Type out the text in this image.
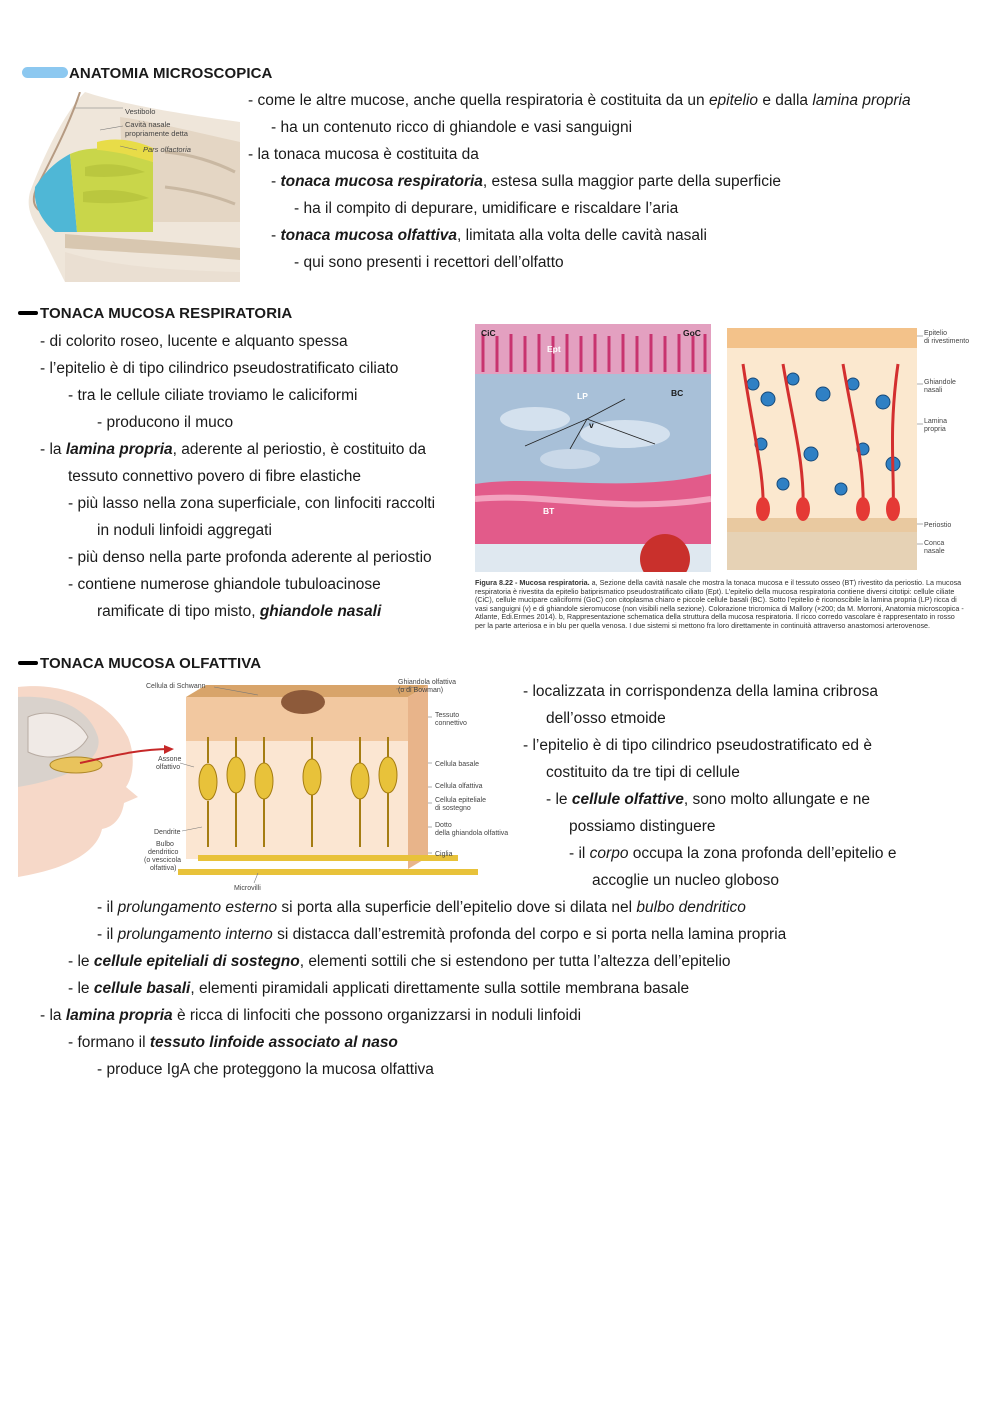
ANATOMIA MICROSCOPICA
Vestibolo
Cavità nasale
propriamente detta
Pars olfactoria
- come le altre mucose, anche quella respiratoria è costituita da un epitelio e dalla lamina propria
- ha un contenuto ricco di ghiandole e vasi sanguigni
- la tonaca mucosa è costituita da
- tonaca mucosa respiratoria, estesa sulla maggior parte della superficie
- ha il compito di depurare, umidificare e riscaldare l’aria
- tonaca mucosa olfattiva, limitata alla volta delle cavità nasali
- qui sono presenti i recettori dell’olfatto
TONACA MUCOSA RESPIRATORIA
- di colorito roseo, lucente e alquanto spessa
- l’epitelio è di tipo cilindrico pseudostratificato ciliato
- tra le cellule ciliate troviamo le caliciformi
- producono il muco
- la lamina propria, aderente al periostio, è costituito da
tessuto connettivo povero di fibre elastiche
- più lasso nella zona superficiale, con linfociti raccolti
in noduli linfoidi aggregati
- più denso nella parte profonda aderente al periostio
- contiene numerose ghiandole tubuloacinose
ramificate di tipo misto, ghiandole nasali
CiC
Ept
GoC
LP	BC
v
BT
Epitelio
di rivestimento
Ghiandole
nasali
Lamina
propria
Periostio
Conca
nasale
Figura 8.22 - Mucosa respiratoria. a, Sezione della cavità nasale che mostra la tonaca mucosa e il tessuto osseo (BT) rivestito da periostio. La mucosa respiratoria è rivestita da epitelio batiprismatico pseudostratificato ciliato (Ept). L’epitelio della mucosa respiratoria contiene diversi citotipi: cellule ciliate (CiC), cellule mucipare caliciformi (GoC) con citoplasma chiaro e piccole cellule basali (BC). Sotto l’epitelio è riconoscibile la lamina propria (LP) ricca di vasi sanguigni (v) e di ghiandole sieromucose (non visibili nella sezione). Colorazione tricromica di Mallory (×200; da M. Morroni, Anatomia microscopica - Atlante, Edi.Ermes 2014). b, Rappresentazione schematica della struttura della mucosa respiratoria. Il ricco corredo vascolare è rappresentato in rosso per la parte arteriosa e in blu per quella venosa. I due sistemi si mettono fra loro direttamente in continuità attraverso anastomosi arterovenose.
TONACA MUCOSA OLFATTIVA
Cellula di Schwann
Ghiandola olfattiva
(o di Bowman)
Assone
olfattivo
Dendrite
Bulbo
dendritico
(o vescicola
olfattiva)
Microvilli
Tessuto
connettivo
Cellula basale
Cellula olfattiva
Cellula epiteliale
di sostegno
Dotto
della ghiandola olfattiva
Ciglia
- localizzata in corrispondenza della lamina cribrosa
dell’osso etmoide
- l’epitelio è di tipo cilindrico pseudostratificato ed è
costituito da tre tipi di cellule
- le cellule olfattive, sono molto allungate e ne
possiamo distinguere
- il corpo occupa la zona profonda dell’epitelio e
accoglie un nucleo globoso
- il prolungamento esterno si porta alla superficie dell’epitelio dove si dilata nel bulbo dendritico
- il prolungamento interno si distacca dall’estremità profonda del corpo e si porta nella lamina propria
- le cellule epiteliali di sostegno, elementi sottili che si estendono per tutta l’altezza dell’epitelio
- le cellule basali, elementi piramidali applicati direttamente sulla sottile membrana basale
- la lamina propria è ricca di linfociti che possono organizzarsi in noduli linfoidi
- formano il tessuto linfoide associato al naso
- produce IgA che proteggono la mucosa olfattiva
